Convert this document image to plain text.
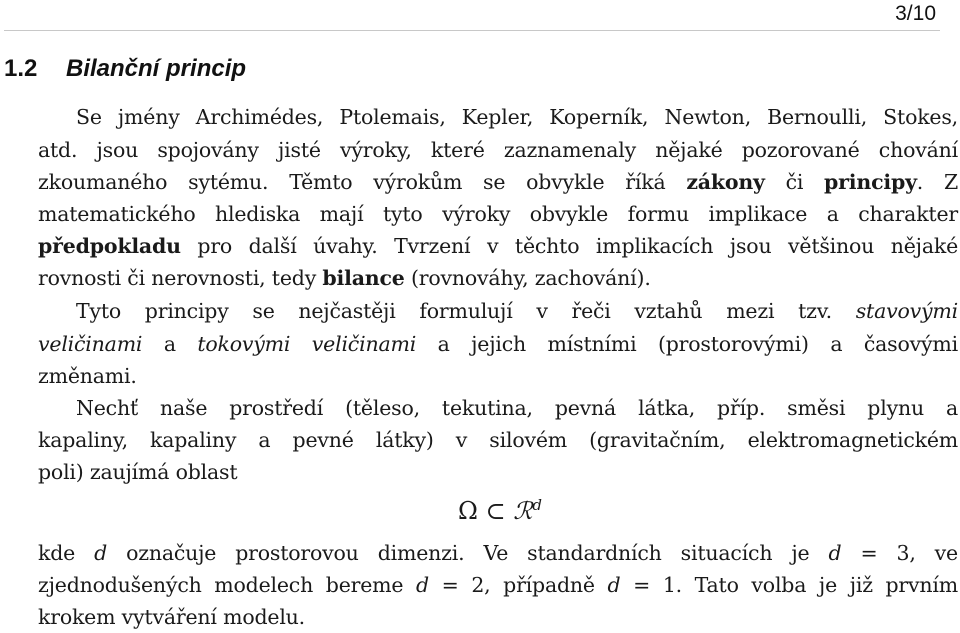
3/10
1.2 Bilanční princip
Se jmény Archimédes, Ptolemais, Kepler, Koperník, Newton, Bernoulli, Stokes,
atd. jsou spojovány jisté výroky, které zaznamenaly nějaké pozorované chování
zkoumaného sytému. Těmto výrokům se obvykle říká zákony či principy. Z
matematického hlediska mají tyto výroky obvykle formu implikace a charakter
předpokladu pro další úvahy. Tvrzení v těchto implikacích jsou většinou nějaké
rovnosti či nerovnosti, tedy bilance (rovnováhy, zachování).
Tyto principy se nejčastěji formulují v řeči vztahů mezi tzv. stavovými
veličinami a tokovými veličinami a jejich místními (prostorovými) a časovými
změnami.
Nechť naše prostředí (těleso, tekutina, pevná látka, příp. směsi plynu a
kapaliny, kapaliny a pevné látky) v silovém (gravitačním, elektromagnetickém
poli) zaujímá oblast
Ω ⊂ ℛ$^d$
kde d označuje prostorovou dimenzi. Ve standardních situacích je d = 3, ve
zjednodušených modelech bereme d = 2, případně d = 1. Tato volba je již prvním
krokem vytváření modelu.
